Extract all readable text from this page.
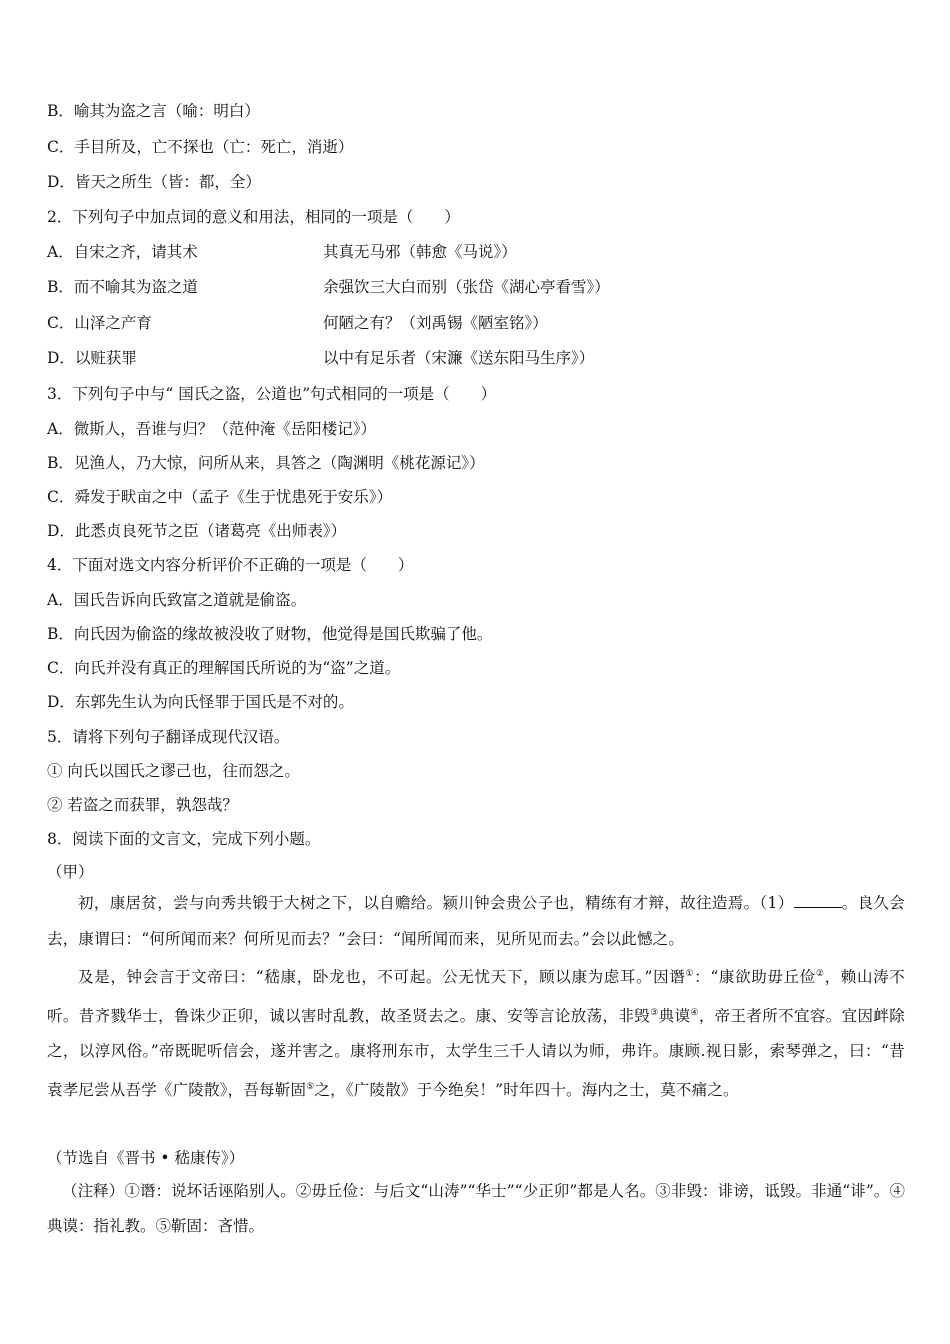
B．喻其为盗之言（喻：明白）
C．手目所及，亡不探也（亡：死亡，消逝）
D．皆天之所生（皆：都，全）
2．下列句子中加点词的意义和用法，相同的一项是（　　）
A．自宋之齐，请其术	其真无马邪（韩愈《马说》）
B．而不喻其为盗之道	余强饮三大白而别（张岱《湖心亭看雪》）
C．山泽之产育	何陋之有？（刘禹锡《陋室铭》）
D．以赃获罪	以中有足乐者（宋濂《送东阳马生序》）
3．下列句子中与“ 国氏之盗，公道也”句式相同的一项是（　　）
A．微斯人，吾谁与归？（范仲淹《岳阳楼记》）
B．见渔人，乃大惊，问所从来，具答之（陶渊明《桃花源记》）
C．舜发于畎亩之中（孟子《生于忧患死于安乐》）
D．此悉贞良死节之臣（诸葛亮《出师表》）
4．下面对选文内容分析评价不正确的一项是（　　）
A．国氏告诉向氏致富之道就是偷盗。
B．向氏因为偷盗的缘故被没收了财物，他觉得是国氏欺骗了他。
C．向氏并没有真正的理解国氏所说的为“盗”之道。
D．东郭先生认为向氏怪罪于国氏是不对的。
5．请将下列句子翻译成现代汉语。
① 向氏以国氏之谬己也，往而怨之。
② 若盗之而获罪，孰怨哉？
8．阅读下面的文言文，完成下列小题。
（甲）
初，康居贫，尝与向秀共锻于大树之下，以自赡给。颍川钟会贵公子也，精练有才辩，故往造焉。（1）	。良久会去，康谓曰：“何所闻而来？何所见而去？”会曰：“闻所闻而来，见所见而去。”会以此憾之。
及是，钟会言于文帝曰：“嵇康，卧龙也，不可起。公无忧天下，顾以康为虑耳。”因谮①：“康欲助毋丘俭②，赖山涛不听。昔齐戮华士，鲁诛少正卯，诚以害时乱教，故圣贤去之。康、安等言论放荡，非毁③典谟④，帝王者所不宜容。宜因衅除之，以淳风俗。”帝既昵听信会，遂并害之。康将刑东市，太学生三千人请以为师，弗许。康顾.视日影，索琴弹之，曰：“昔袁孝尼尝从吾学《广陵散》，吾每靳固⑤之，《广陵散》于今绝矣！”时年四十。海内之士，莫不痛之。
（节选自《晋书 • 嵇康传》）
（注释）①谮：说坏话诬陷别人。②毋丘俭：与后文“山涛”“华士”“少正卯”都是人名。③非毁：诽谤，诋毁。非通“诽”。④典谟：指礼教。⑤靳固：吝惜。
